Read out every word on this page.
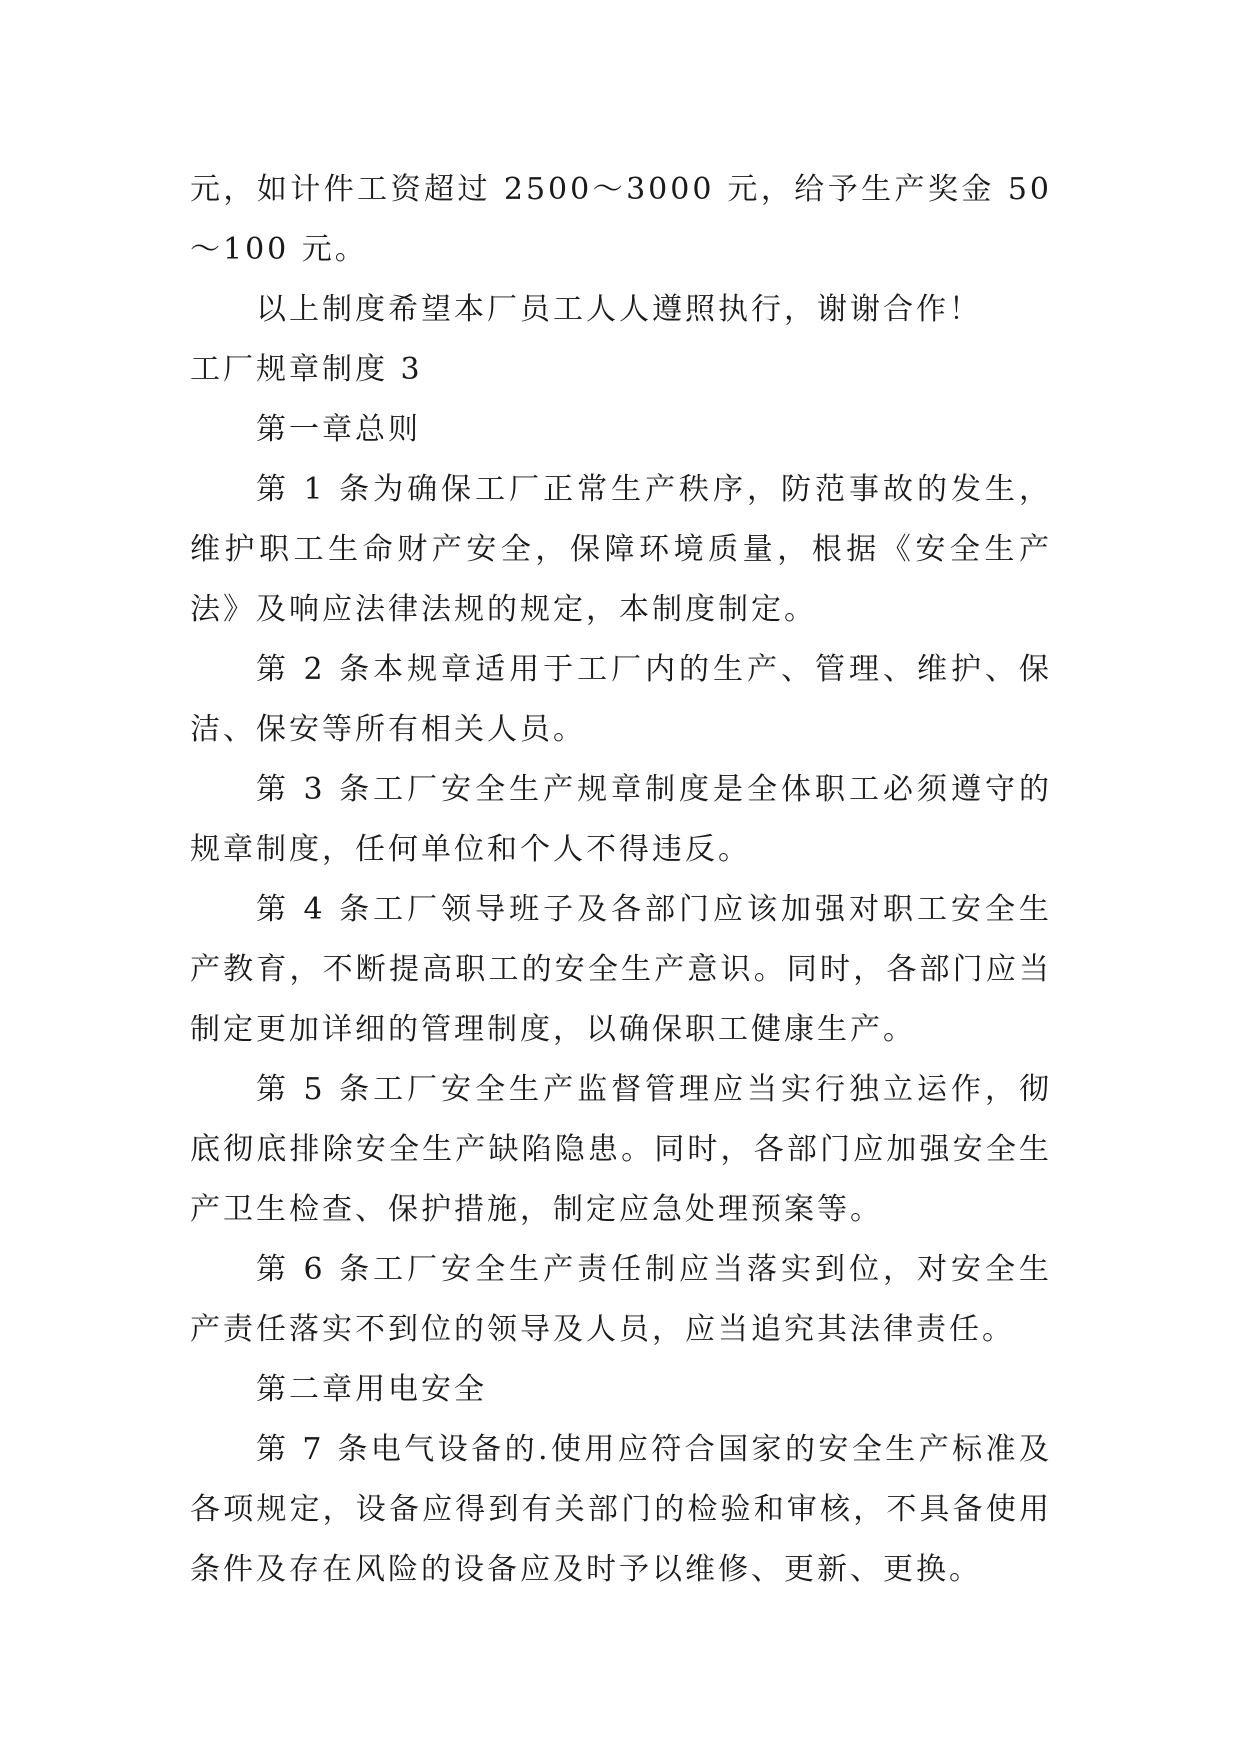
元，如计件工资超过 2500～3000 元，给予生产奖金 50～100 元。

以上制度希望本厂员工人人遵照执行，谢谢合作！

工厂规章制度 3

第一章总则

第 1 条为确保工厂正常生产秩序，防范事故的发生，维护职工生命财产安全，保障环境质量，根据《安全生产法》及响应法律法规的规定，本制度制定。

第 2 条本规章适用于工厂内的生产、管理、维护、保洁、保安等所有相关人员。

第 3 条工厂安全生产规章制度是全体职工必须遵守的规章制度，任何单位和个人不得违反。

第 4 条工厂领导班子及各部门应该加强对职工安全生产教育，不断提高职工的安全生产意识。同时，各部门应当制定更加详细的管理制度，以确保职工健康生产。

第 5 条工厂安全生产监督管理应当实行独立运作，彻底彻底排除安全生产缺陷隐患。同时，各部门应加强安全生产卫生检查、保护措施，制定应急处理预案等。

第 6 条工厂安全生产责任制应当落实到位，对安全生产责任落实不到位的领导及人员，应当追究其法律责任。

第二章用电安全

第 7 条电气设备的.使用应符合国家的安全生产标准及各项规定，设备应得到有关部门的检验和审核，不具备使用条件及存在风险的设备应及时予以维修、更新、更换。
